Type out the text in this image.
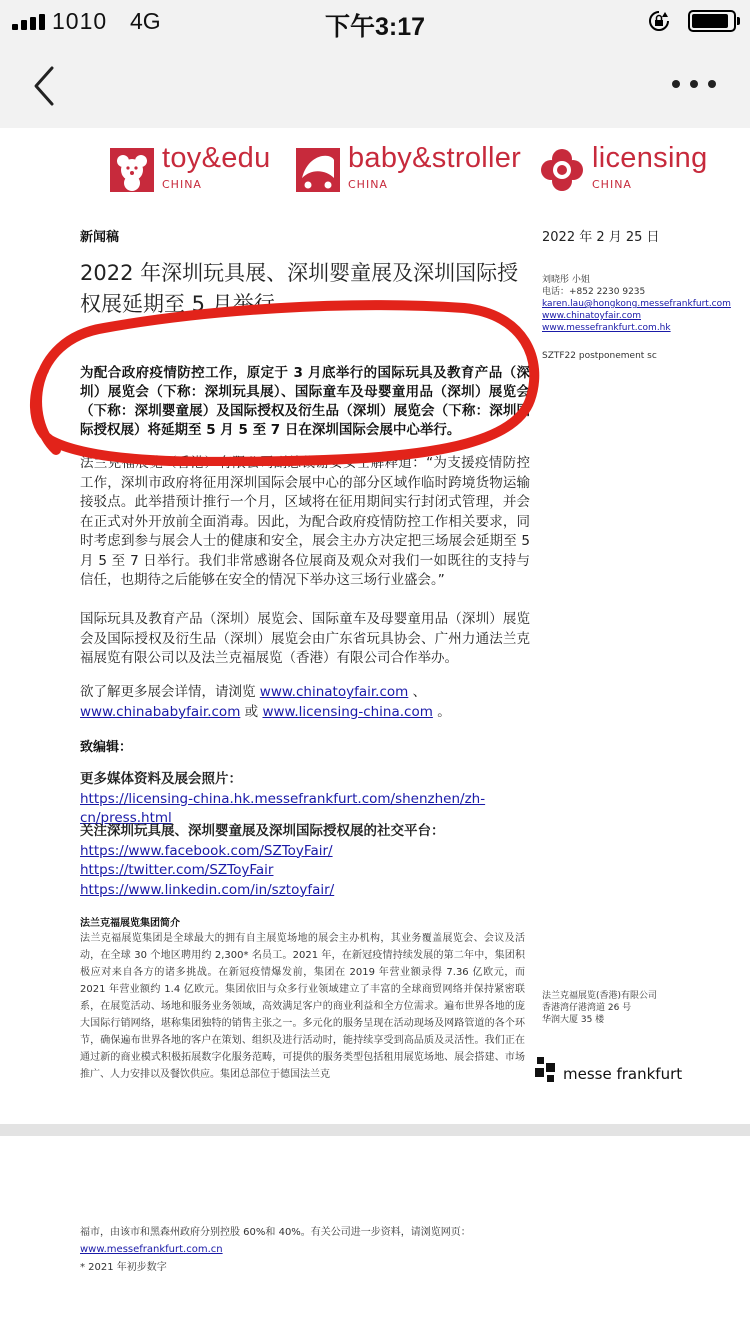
1010 4G	下午3:17
toy&edu
CHINA
baby&stroller
CHINA
licensing
CHINA
新闻稿	2022 年 2 月 25 日
2022 年深圳玩具展、深圳婴童展及深圳国际授权展延期至 5 月举行
刘晓彤 小姐
电话：+852 2230 9235
karen.lau@hongkong.messefrankfurt.com
www.chinatoyfair.com
www.messefrankfurt.com.hk
SZTF22 postponement sc
为配合政府疫情防控工作，原定于 3 月底举行的国际玩具及教育产品（深圳）展览会（下称：深圳玩具展）、国际童车及母婴童用品（深圳）展览会（下称：深圳婴童展）及国际授权及衍生品（深圳）展览会（下称：深圳国际授权展）将延期至 5 月 5 至 7 日在深圳国际会展中心举行。
法兰克福展览（香港）有限公司副总裁谢安女士解释道：“为支援疫情防控工作，深圳市政府将征用深圳国际会展中心的部分区域作临时跨境货物运输接驳点。此举措预计推行一个月，区域将在征用期间实行封闭式管理，并会在正式对外开放前全面消毒。因此，为配合政府疫情防控工作相关要求，同时考虑到参与展会人士的健康和安全，展会主办方决定把三场展会延期至 5 月 5 至 7 日举行。我们非常感谢各位展商及观众对我们一如既往的支持与信任，也期待之后能够在安全的情况下举办这三场行业盛会。”
国际玩具及教育产品（深圳）展览会、国际童车及母婴童用品（深圳）展览会及国际授权及衍生品（深圳）展览会由广东省玩具协会、广州力通法兰克福展览有限公司以及法兰克福展览（香港）有限公司合作举办。
欲了解更多展会详情，请浏览 www.chinatoyfair.com 、
www.chinababyfair.com 或 www.licensing-china.com 。
致编辑：
更多媒体资料及展会照片：
https://licensing-china.hk.messefrankfurt.com/shenzhen/zh-cn/press.html
关注深圳玩具展、深圳婴童展及深圳国际授权展的社交平台：
https://www.facebook.com/SZToyFair/
https://twitter.com/SZToyFair
https://www.linkedin.com/in/sztoyfair/
法兰克福展览集团简介
法兰克福展览集团是全球最大的拥有自主展览场地的展会主办机构，其业务覆盖展览会、会议及活动，在全球 30 个地区聘用约 2,300* 名员工。2021 年，在新冠疫情持续发展的第二年中，集团积极应对来自各方的诸多挑战。在新冠疫情爆发前，集团在 2019 年营业额录得 7.36 亿欧元，而 2021 年营业额约 1.4 亿欧元。集团依旧与众多行业领域建立了丰富的全球商贸网络并保持紧密联系，在展览活动、场地和服务业务领域，高效满足客户的商业利益和全方位需求。遍布世界各地的庞大国际行销网络，堪称集团独特的销售主张之一。多元化的服务呈现在活动现场及网路管道的各个环节，确保遍布世界各地的客户在策划、组织及进行活动时，能持续享受到高品质及灵活性。我们正在通过新的商业模式积极拓展数字化服务范畴，可提供的服务类型包括租用展览场地、展会搭建、市场推广、人力安排以及餐饮供应。集团总部位于德国法兰克
法兰克福展览(香港)有限公司
香港湾仔港湾道 26 号
华润大厦 35 楼
messe frankfurt
福市，由该市和黑森州政府分别控股 60%和 40%。有关公司进一步资料，请浏览网页：
www.messefrankfurt.com.cn
* 2021 年初步数字
